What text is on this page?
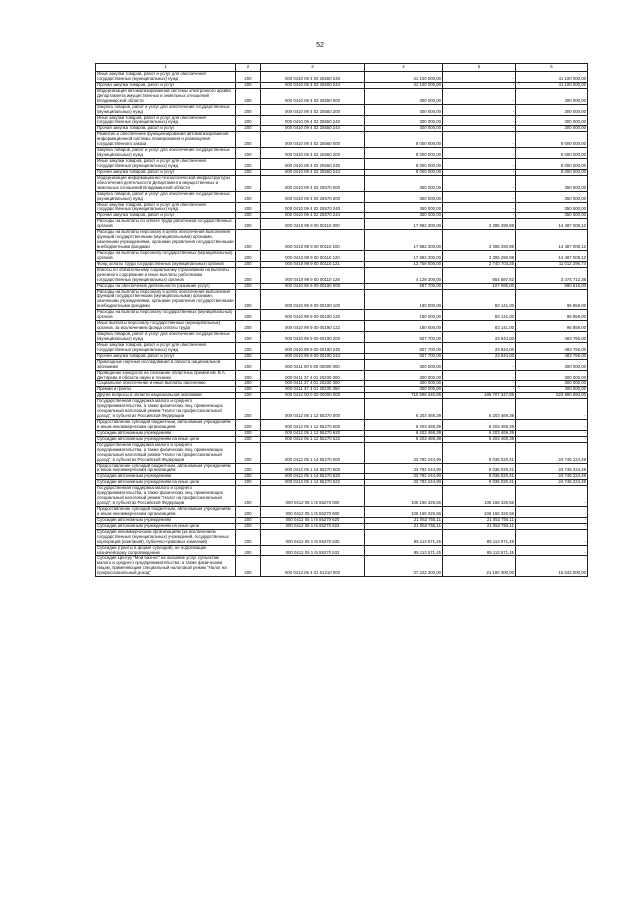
52
1	2	3	4	5	6
Иные закупки товаров, работ и услуг для обеспечения государственных (муниципальных) нужд	200	000 0410 09 4 02 25500 240	41 100 000,00	-	41 100 000,00
Прочая закупка товаров, работ и услуг	200	000 0410 09 4 02 25500 244	41 100 000,00	-	41 100 000,00
Модернизация автоматизированной системы электронного архива Департамента имущественных и земельных отношений Владимирской области	200	000 0410 09 4 02 25550 000	300 000,00	-	300 000,00
Закупка товаров, работ и услуг для обеспечения государственных (муниципальных) нужд	200	000 0410 09 4 02 25550 200	300 000,00	-	300 000,00
Иные закупки товаров, работ и услуг для обеспечения государственных (муниципальных) нужд	200	000 0410 09 4 02 25550 240	300 000,00	-	300 000,00
Прочая закупка товаров, работ и услуг	200	000 0410 09 4 02 25550 244	300 000,00	-	300 000,00
Развитие и обеспечение функционирования автоматизированной информационной системы планирования и размещения государственного заказа	200	000 0410 09 4 02 25560 000	8 000 000,00	-	8 000 000,00
Закупка товаров, работ и услуг для обеспечения государственных (муниципальных) нужд	200	000 0410 09 4 02 25560 200	8 000 000,00	-	8 000 000,00
Иные закупки товаров, работ и услуг для обеспечения государственных (муниципальных) нужд	200	000 0410 09 4 02 25560 240	8 000 000,00	-	8 000 000,00
Прочая закупка товаров, работ и услуг	200	000 0410 09 4 02 25560 244	8 000 000,00	-	8 000 000,00
Модернизация информационно-технологической инфраструктуры обеспечения деятельности Департамента имущественных и земельных отношений Владимирской области	200	000 0410 09 4 02 25570 000	350 000,00	-	350 000,00
Закупка товаров, работ и услуг для обеспечения государственных (муниципальных) нужд	200	000 0410 09 4 02 25570 200	350 000,00	-	350 000,00
Иные закупки товаров, работ и услуг для обеспечения государственных (муниципальных) нужд	200	000 0410 09 4 02 25570 240	350 000,00	-	350 000,00
Прочая закупка товаров, работ и услуг	200	000 0410 09 4 02 25570 244	350 000,00	-	350 000,00
Расходы на выплаты по оплате труда работников государственных органов	200	000 0410 99 9 00 00110 000	17 882 300,00	3 395 290,88	14 487 009,12
Расходы на выплаты персоналу в целях обеспечения выполнения функций государственными (муниципальными) органами, казенными учреждениями, органами управления государственными внебюджетными фондами	200	000 0410 99 9 00 00110 100	17 882 300,00	3 395 290,88	14 487 009,12
Расходы на выплаты персоналу государственных (муниципальных) органов	200	000 0410 99 9 00 00110 120	17 882 300,00	3 395 290,88	14 487 009,12
Фонд оплаты труда государственных (муниципальных) органов	200	000 0410 99 9 00 00110 121	13 758 000,00	2 740 703,26	11 012 296,74
Взносы по обязательному социальному страхованию на выплаты денежного содержания и иные выплаты работникам государственных (муниципальных) органов	200	000 0410 99 9 00 00110 129	4 129 300,00	654 587,62	3 474 712,38
Расходы на обеспечение деятельности (оказание услуг)	200	000 0410 99 9 00 00190 000	687 700,00	107 085,00	580 615,00
Расходы на выплаты персоналу в целях обеспечения выполнения функций государственными (муниципальными) органами, казенными учреждениями, органами управления государственными внебюджетными фондами	200	000 0410 99 9 00 00190 100	180 000,00	83 141,00	96 859,00
Расходы на выплаты персоналу государственных (муниципальных) органов	200	000 0410 99 9 00 00190 120	180 000,00	83 141,00	96 859,00
Иные выплаты персоналу государственных (муниципальных) органов, за исключением фонда оплаты труда	200	000 0410 99 9 00 00190 122	180 000,00	83 141,00	96 859,00
Закупка товаров, работ и услуг для обеспечения государственных (муниципальных) нужд	200	000 0410 99 9 00 00190 200	507 700,00	23 944,00	483 756,00
Иные закупки товаров, работ и услуг для обеспечения государственных (муниципальных) нужд	200	000 0410 99 9 00 00190 240	507 700,00	23 944,00	483 756,00
Прочая закупка товаров, работ и услуг	200	000 0410 99 9 00 00190 244	507 700,00	23 944,00	483 756,00
Прикладные научные исследования в области национальной экономики	200	000 0411 00 0 00 00000 000	300 000,00	-	300 000,00
Проведение конкурсов на соискание областных премий им. В.А. Дегтярева в области науки и техники	200	000 0411 37 4 01 20230 000	300 000,00	-	300 000,00
Социальное обеспечение и иные выплаты населению	200	000 0411 37 4 01 20230 300	300 000,00	-	300 000,00
Премии и гранты	200	000 0411 37 4 01 20230 350	300 000,00	-	300 000,00
Другие вопросы в области национальной экономики	200	000 0412 00 0 00 00000 000	710 698 340,85	186 707 347,85	523 990 993,00
Государственная поддержка малого и среднего предпринимательства, а также физических лиц, применяющих специальный налоговый режим "Налог на профессиональный доход", в субъектах Российской Федерации	200	000 0412 05 1 12 55270 000	6 203 469,39	6 203 469,39	-
Предоставление субсидий бюджетным, автономным учреждениям и иным некоммерческим организациям	200	000 0412 05 1 12 55270 600	6 203 469,39	6 203 469,39	-
Субсидии автономным учреждениям	200	000 0412 05 1 12 55270 620	6 203 469,39	6 203 469,39	-
Субсидии автономным учреждениям на иные цели	200	000 0412 05 1 12 55270 622	6 203 469,39	6 203 469,39	-
Государственная поддержка малого и среднего предпринимательства, а также физических лиц, применяющих специальный налоговый режим "Налог на профессиональный доход", в субъектах Российской Федерации	200	000 0412 05 1 14 55270 000	33 782 244,90	9 036 020,41	24 746 224,49
Предоставление субсидий бюджетным, автономным учреждениям и иным некоммерческим организациям	200	000 0412 05 1 14 55270 600	33 782 244,90	9 036 020,41	24 746 224,49
Субсидии автономным учреждениям	200	000 0412 05 1 14 55270 620	33 782 244,90	9 036 020,41	24 746 224,49
Субсидии автономным учреждениям на иные цели	200	000 0412 05 1 14 55270 622	33 782 244,90	9 036 020,41	24 746 224,49
Государственная поддержка малого и среднего предпринимательства, а также физических лиц, применяющих специальный налоговый режим "Налог на профессиональный доход", в субъектах Российской Федерации	200	000 0412 05 1 I5 55270 000	106 166 326,56	106 166 326,56	-
Предоставление субсидий бюджетным, автономным учреждениям и иным некоммерческим организациям	200	000 0412 05 1 I5 55270 600	106 166 326,56	106 166 326,56	-
Субсидии автономным учреждениям	200	000 0412 05 1 I5 55270 620	21 052 755,11	21 052 755,11	-
Субсидии автономным учреждениям на иные цели	200	000 0412 05 1 I5 55270 622	21 052 755,11	21 052 755,11	-
Субсидии некоммерческим организациям (за исключением государственных (муниципальных) учреждений, государственных корпораций (компаний), публично-правовых компаний)	200	000 0412 05 1 I5 55270 630	85 113 571,45	85 113 571,45	-
Субсидии (гранты в форме субсидий), не подлежащие казначейскому сопровождению	200	000 0412 05 1 I5 55270 633	85 113 571,45	85 113 571,45	-
Субсидия Центру "Мой бизнес" на оказание услуг субъектам малого и среднего предпринимательства, а также физическим лицам, применяющим специальный налоговый режим "Налог на профессиональный доход"	200	000 0412 05 4 01 61210 000	37 222 300,00	21 180 300,00	16 042 000,00
